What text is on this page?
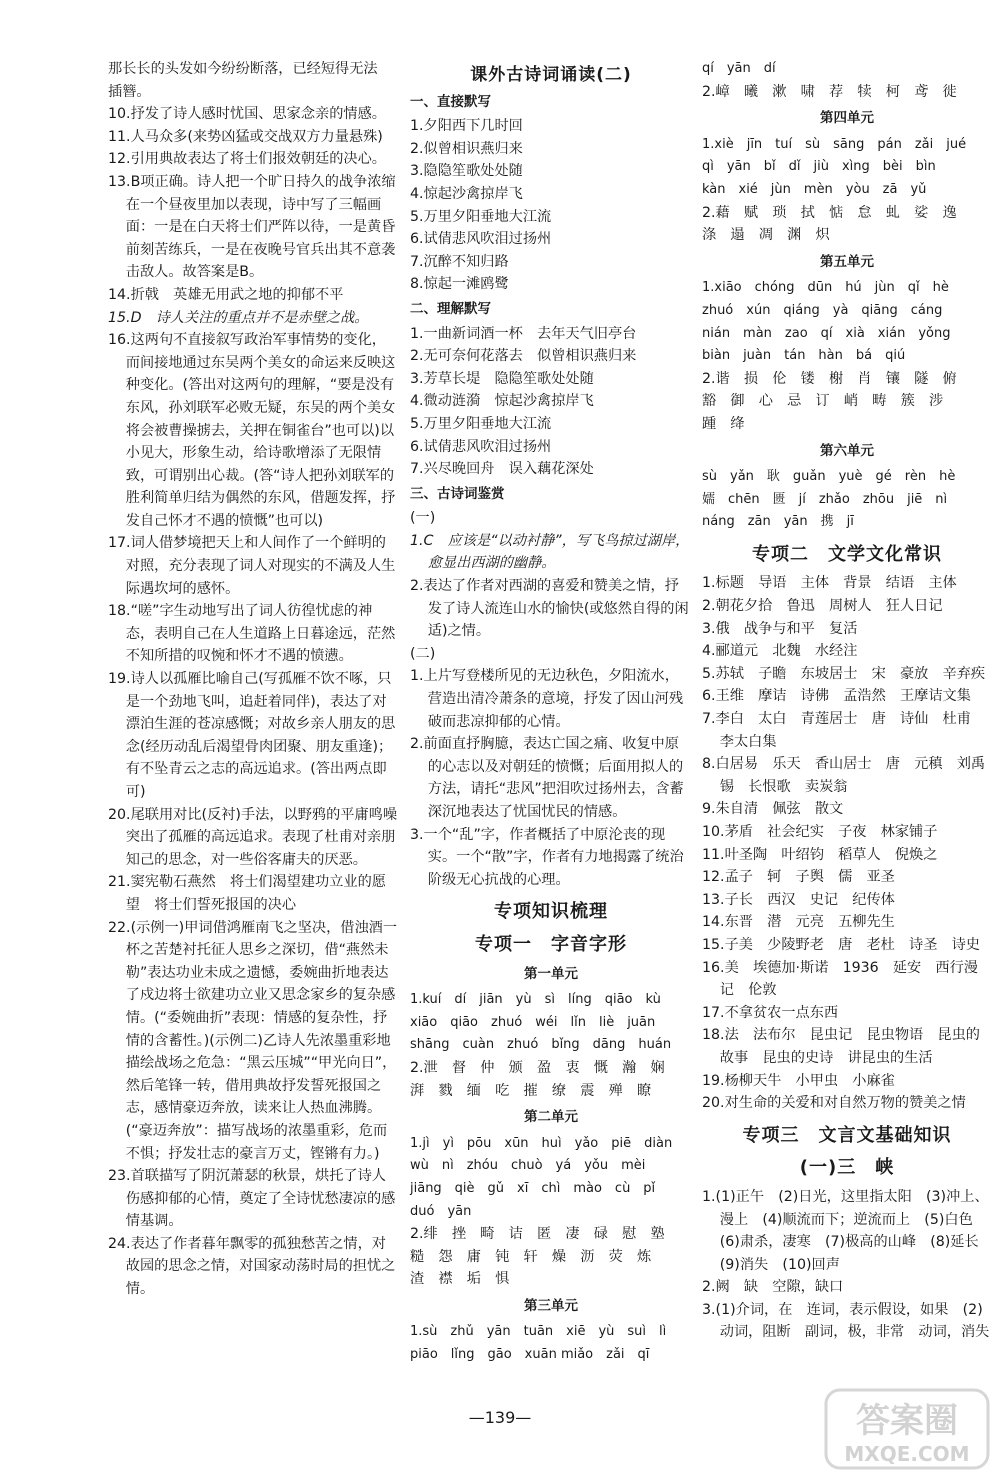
那长长的头发如今纷纷断落，已经短得无法
插簪。
10.抒发了诗人感时忧国、思家念亲的情感。
11.人马众多(来势凶猛或交战双方力量悬殊)
12.引用典故表达了将士们报效朝廷的决心。
13.B项正确。诗人把一个旷日持久的战争浓缩在一个昼夜里加以表现，诗中写了三幅画面：一是在白天将士们严阵以待，一是黄昏前刻苦练兵，一是在夜晚号官兵出其不意袭击敌人。故答案是B。
14.折戟　英雄无用武之地的抑郁不平
15.D　诗人关注的重点并不是赤壁之战。
16.这两句不直接叙写政治军事情势的变化，而间接地通过东吴两个美女的命运来反映这种变化。(答出对这两句的理解，“要是没有东风，孙刘联军必败无疑，东吴的两个美女将会被曹操掳去，关押在铜雀台”也可以)以小见大，形象生动，给诗歌增添了无限情致，可谓别出心裁。(答“诗人把孙刘联军的胜利简单归结为偶然的东风，借题发挥，抒发自己怀才不遇的愤慨”也可以)
17.词人借梦境把天上和人间作了一个鲜明的对照，充分表现了词人对现实的不满及人生际遇坎坷的感怀。
18.“嗟”字生动地写出了词人彷徨忧虑的神态，表明自己在人生道路上日暮途远，茫然不知所措的叹惋和怀才不遇的愤懑。
19.诗人以孤雁比喻自己(写孤雁不饮不啄，只是一个劲地飞叫，追赶着同伴)，表达了对漂泊生涯的苍凉感慨；对故乡亲人朋友的思念(经历动乱后渴望骨肉团聚、朋友重逢)；有不坠青云之志的高远追求。(答出两点即可)
20.尾联用对比(反衬)手法，以野鸦的平庸鸣噪突出了孤雁的高远追求。表现了杜甫对亲朋知己的思念，对一些俗客庸夫的厌恶。
21.窦宪勒石燕然　将士们渴望建功立业的愿望　将士们誓死报国的决心
22.(示例一)甲词借鸿雁南飞之坚决，借浊酒一杯之苦楚衬托征人思乡之深切，借“燕然未勒”表达功业未成之遗憾，委婉曲折地表达了戍边将士欲建功立业又思念家乡的复杂感情。(“委婉曲折”表现：情感的复杂性，抒情的含蓄性。)(示例二)乙诗人先浓墨重彩地描绘战场之危急：“黑云压城”“甲光向日”，然后笔锋一转，借用典故抒发誓死报国之志，感情豪迈奔放，读来让人热血沸腾。(“豪迈奔放”：描写战场的浓墨重彩，危而不惧；抒发壮志的豪言万丈，铿锵有力。)
23.首联描写了阴沉萧瑟的秋景，烘托了诗人伤感抑郁的心情，奠定了全诗忧愁凄凉的感情基调。
24.表达了作者暮年飘零的孤独愁苦之情，对故园的思念之情，对国家动荡时局的担忧之情。
课外古诗词诵读(二)
一、直接默写
1.夕阳西下几时回
2.似曾相识燕归来
3.隐隐笙歌处处随
4.惊起沙禽掠岸飞
5.万里夕阳垂地大江流
6.试倩悲风吹泪过扬州
7.沉醉不知归路
8.惊起一滩鸥鹭
二、理解默写
1.一曲新词酒一杯　去年天气旧亭台
2.无可奈何花落去　似曾相识燕归来
3.芳草长堤　隐隐笙歌处处随
4.微动涟漪　惊起沙禽掠岸飞
5.万里夕阳垂地大江流
6.试倩悲风吹泪过扬州
7.兴尽晚回舟　误入藕花深处
三、古诗词鉴赏
(一)
1.C　应该是“以动衬静”，写飞鸟掠过湖岸，愈显出西湖的幽静。
2.表达了作者对西湖的喜爱和赞美之情，抒发了诗人流连山水的愉快(或悠然自得的闲适)之情。
(二)
1.上片写登楼所见的无边秋色，夕阳流水，营造出清冷萧条的意境，抒发了因山河残破而悲凉抑郁的心情。
2.前面直抒胸臆，表达亡国之痛、收复中原的心志以及对朝廷的愤慨；后面用拟人的方法，请托“悲风”把泪吹过扬州去，含蓄深沉地表达了忧国忧民的情感。
3.一个“乱”字，作者概括了中原沦丧的现实。一个“散”字，作者有力地揭露了统治阶级无心抗战的心理。
专项知识梳理
专项一　字音字形
第一单元
1.kuí　dí　jiān　yù　sì　líng　qiāo　kù
xiāo　qiāo　zhuó　wéi　lǐn　liè　juān
shāng　cuàn　zhuó　bǐng　dāng　huán
2.泄　督　仲　颁　盈　衷　慨　瀚　娴
湃　戮　缅　吃　摧　缭　震　殚　瞭
第二单元
1.jì　yì　pōu　xūn　huì　yǎo　piē　diàn
wù　nì　zhóu　chuò　yá　yǒu　mèi
jiāng　qiè　gǔ　xī　chì　mào　cù　pǐ
duó　yān
2.绯　挫　畸　诘　匿　凄　碌　慰　塾
糙　怨　庸　钝　轩　燥　沥　荧　炼
渣　襟　垢　惧
第三单元
1.sù　zhǔ　yān　tuān　xiē　yù　suì　lì
piāo　lǐng　gāo　xuān miǎo　zǎi　qī
qí　yān　dí
2.嶂　曦　漱　啸　荐　犊　柯　鸢　徙
第四单元
1.xiè　jīn　tuí　sù　sāng　pán　zǎi　jué
qì　yān　bǐ　dǐ　jiù　xìng　bèi　bìn
kàn　xié　jùn　mèn　yòu　zā　yǔ
2.藉　赋　琐　拭　惦　怠　虬　娑　逸
涤　遢　凋　渊　炽
第五单元
1.xiāo　chóng　dūn　hú　jùn　qǐ　hè
zhuó　xún　qiáng　yà　qiāng　cáng
nián　màn　zao　qí　xià　xián　yǒng
biàn　juàn　tán　hàn　bá　qiú
2.谐　损　伦　镂　榭　肖　镶　隧　俯
豁　御　心　忌　订　峭　畴　簇　涉
踵　绛
第六单元
sù　yǎn　耿　guǎn　yuè　gé　rèn　hè
嬬　chēn　匮　jí　zhǎo　zhōu　jiē　nì
náng　zān　yān　携　jī
专项二　文学文化常识
1.标题　导语　主体　背景　结语　主体
2.朝花夕拾　鲁迅　周树人　狂人日记
3.俄　战争与和平　复活
4.郦道元　北魏　水经注
5.苏轼　子瞻　东坡居士　宋　豪放　辛弃疾
6.王维　摩诘　诗佛　孟浩然　王摩诘文集
7.李白　太白　青莲居士　唐　诗仙　杜甫　李太白集
8.白居易　乐天　香山居士　唐　元稹　刘禹锡　长恨歌　卖炭翁
9.朱自清　佩弦　散文
10.茅盾　社会纪实　子夜　林家铺子
11.叶圣陶　叶绍钧　稻草人　倪焕之
12.孟子　轲　子舆　儒　亚圣
13.子长　西汉　史记　纪传体
14.东晋　潜　元亮　五柳先生
15.子美　少陵野老　唐　老杜　诗圣　诗史
16.美　埃德加·斯诺　1936　延安　西行漫记　伦敦
17.不拿贫农一点东西
18.法　法布尔　昆虫记　昆虫物语　昆虫的故事　昆虫的史诗　讲昆虫的生活
19.杨柳天牛　小甲虫　小麻雀
20.对生命的关爱和对自然万物的赞美之情
专项三　文言文基础知识
(一)三　峡
1.(1)正午　(2)日光，这里指太阳　(3)冲上、漫上　(4)顺流而下；逆流而上　(5)白色　(6)肃杀，凄寒　(7)极高的山峰　(8)延长　(9)消失　(10)回声
2.阙　缺　空隙，缺口
3.(1)介词，在　连词，表示假设，如果　(2)动词，阻断　副词，极，非常　动词，消失
—139—	答案圈
MXQE.COM
